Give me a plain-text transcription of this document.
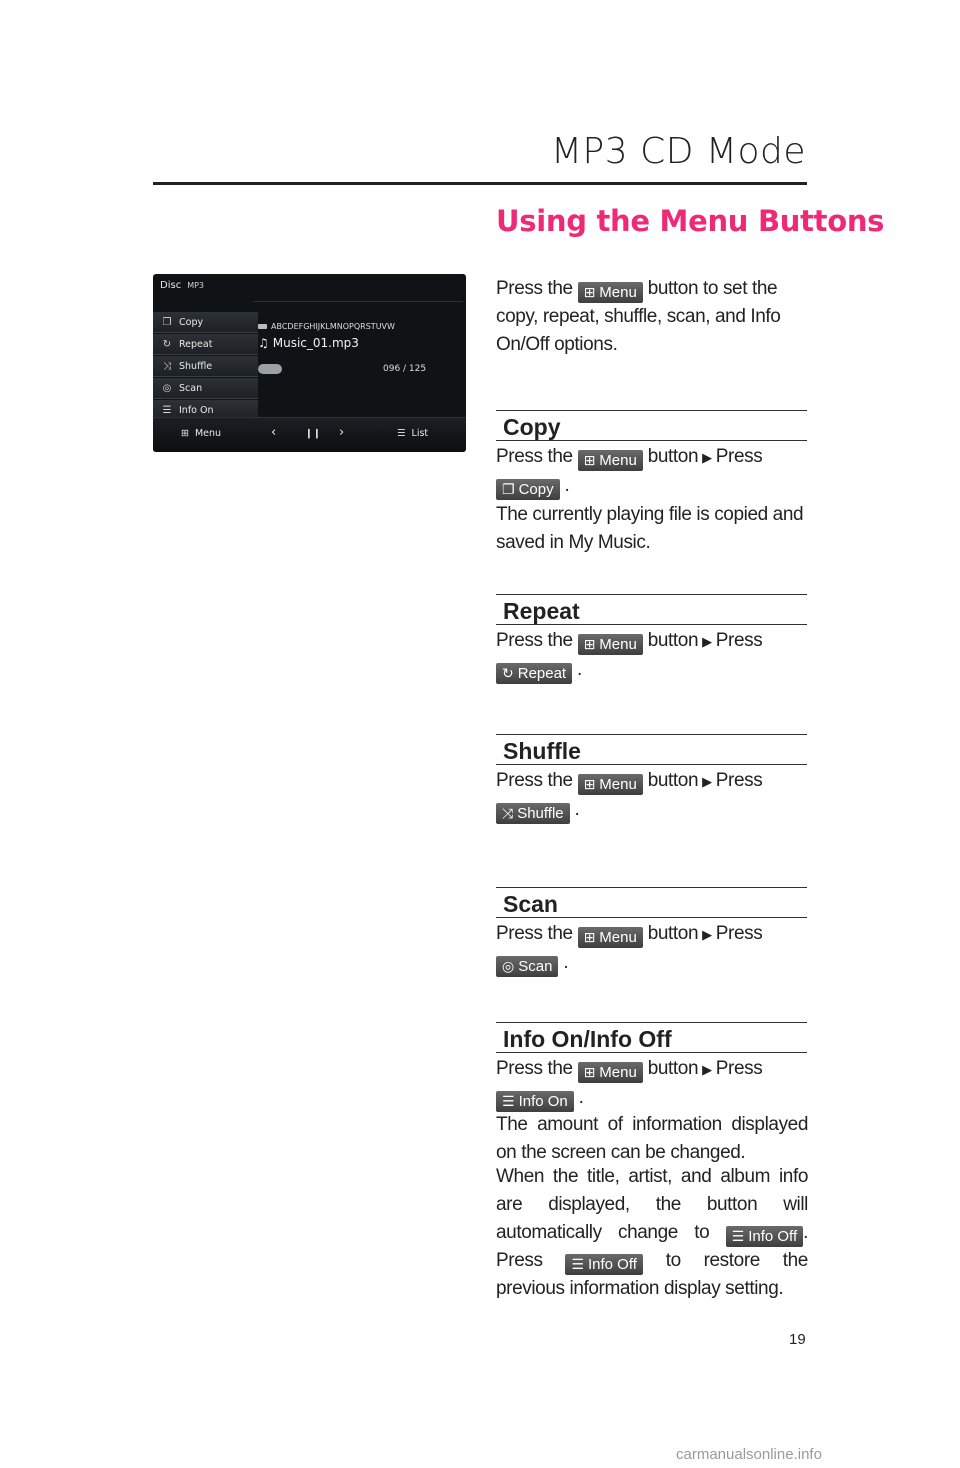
MP3 CD Mode
Disc MP3
❐ Copy
↻ Repeat
⤨ Shuffle
◎ Scan
☰ Info On
ABCDEFGHIJKLMNOPQRSTUVW
♫ Music_01.mp3
096 / 125
⊞ Menu	‹	❙❙ ›	☰ List
Using the Menu Buttons

Press the ⊞ Menu button to set the copy, repeat, shuffle, scan, and Info On/Off options.

Copy

Press the ⊞ Menu button ▶ Press

❐ Copy .

The currently playing file is copied and saved in My Music.

Repeat

Press the ⊞ Menu button ▶ Press

↻ Repeat .

Shuffle

Press the ⊞ Menu button ▶ Press

⤨ Shuffle .

Scan

Press the ⊞ Menu button ▶ Press

◎ Scan .

Info On/Info Off

Press the ⊞ Menu button ▶ Press

☰ Info On .

The amount of information displayed on the screen can be changed.

When the title, artist, and album info are displayed, the button will automatically change to ☰ Info Off . Press ☰ Info Off to restore the previous information display setting.

19
carmanualsonline.info
